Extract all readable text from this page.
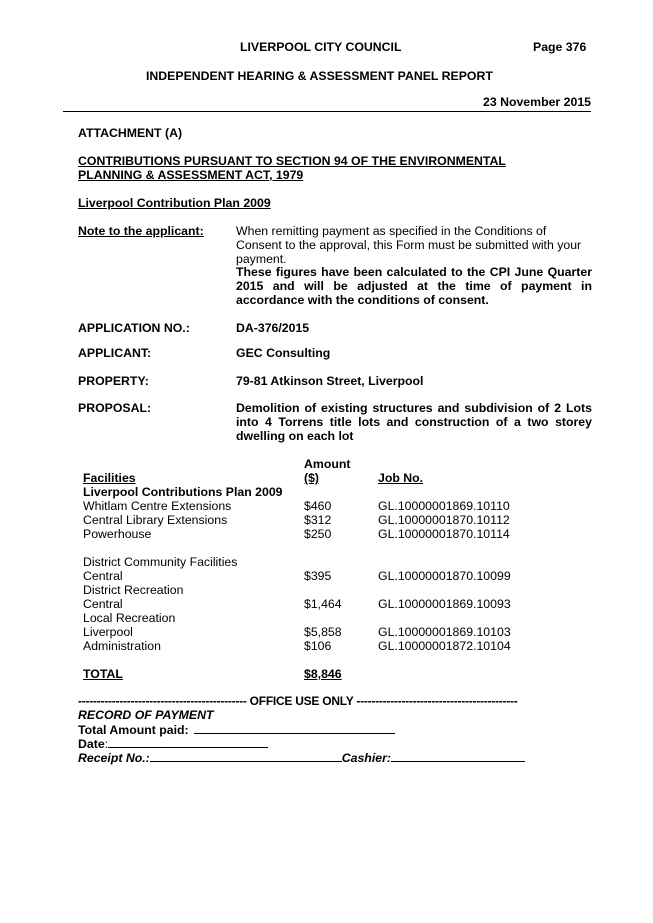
LIVERPOOL CITY COUNCIL	Page 376
INDEPENDENT HEARING & ASSESSMENT PANEL REPORT
23 November 2015
ATTACHMENT (A)
CONTRIBUTIONS PURSUANT TO SECTION 94 OF THE ENVIRONMENTAL
PLANNING & ASSESSMENT ACT, 1979
Liverpool Contribution Plan 2009
Note to the applicant:	When remitting payment as specified in the Conditions of Consent to the approval, this Form must be submitted with your payment.
These figures have been calculated to the CPI June Quarter 2015 and will be adjusted at the time of payment in accordance with the conditions of consent.
APPLICATION NO.:	DA-376/2015
APPLICANT:	GEC Consulting
PROPERTY:	79-81 Atkinson Street, Liverpool
PROPOSAL:	Demolition of existing structures and subdivision of 2 Lots into 4 Torrens title lots and construction of a two storey dwelling on each lot
Amount
Facilities	($)	Job No.
Liverpool Contributions Plan 2009
Whitlam Centre Extensions	$460	GL.10000001869.10110
Central Library Extensions	$312	GL.10000001870.10112
Powerhouse	$250	GL.10000001870.10114
District Community Facilities
Central	$395	GL.10000001870.10099
District Recreation
Central	$1,464	GL.10000001869.10093
Local Recreation
Liverpool	$5,858	GL.10000001869.10103
Administration	$106	GL.10000001872.10104
TOTAL	$8,846
--------------------------------------------- OFFICE USE ONLY -------------------------------------------
RECORD OF PAYMENT
Total Amount paid:
Date:
Receipt No.:	Cashier:
